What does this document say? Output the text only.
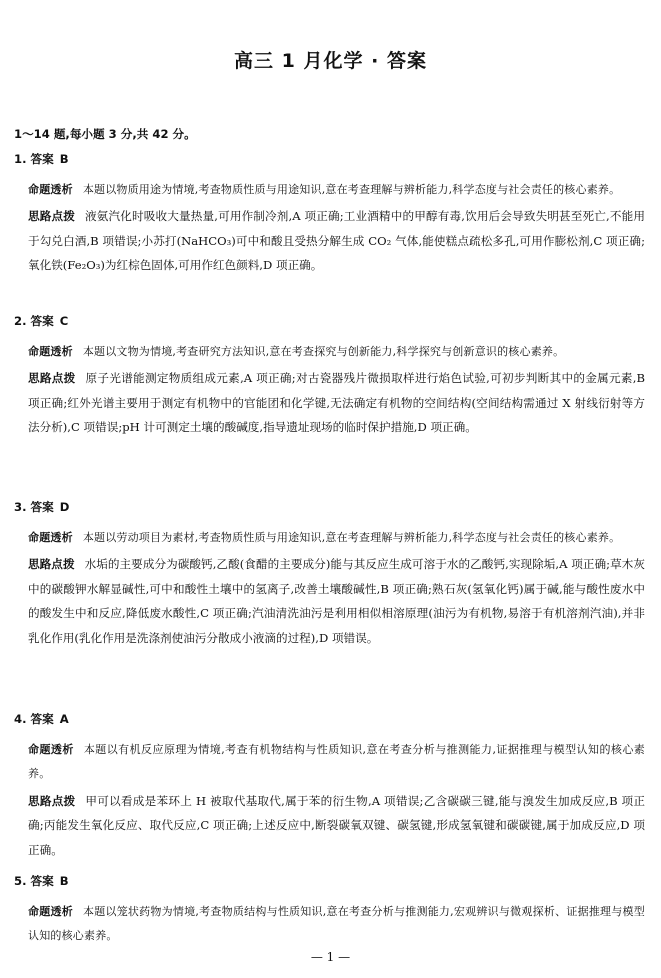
高三 1 月化学 · 答案
1～14 题,每小题 3 分,共 42 分。
1. 答案 B
命题透析 本题以物质用途为情境,考查物质性质与用途知识,意在考查理解与辨析能力,科学态度与社会责任的核心素养。
思路点拨 液氨汽化时吸收大量热量,可用作制冷剂,A 项正确;工业酒精中的甲醇有毒,饮用后会导致失明甚至死亡,不能用于勾兑白酒,B 项错误;小苏打(NaHCO₃)可中和酸且受热分解生成 CO₂ 气体,能使糕点疏松多孔,可用作膨松剂,C 项正确;氧化铁(Fe₂O₃)为红棕色固体,可用作红色颜料,D 项正确。
2. 答案 C
命题透析 本题以文物为情境,考查研究方法知识,意在考查探究与创新能力,科学探究与创新意识的核心素养。
思路点拨 原子光谱能测定物质组成元素,A 项正确;对古瓷器残片微损取样进行焰色试验,可初步判断其中的金属元素,B 项正确;红外光谱主要用于测定有机物中的官能团和化学键,无法确定有机物的空间结构(空间结构需通过 X 射线衍射等方法分析),C 项错误;pH 计可测定土壤的酸碱度,指导遗址现场的临时保护措施,D 项正确。
3. 答案 D
命题透析 本题以劳动项目为素材,考查物质性质与用途知识,意在考查理解与辨析能力,科学态度与社会责任的核心素养。
思路点拨 水垢的主要成分为碳酸钙,乙酸(食醋的主要成分)能与其反应生成可溶于水的乙酸钙,实现除垢,A 项正确;草木灰中的碳酸钾水解显碱性,可中和酸性土壤中的氢离子,改善土壤酸碱性,B 项正确;熟石灰(氢氧化钙)属于碱,能与酸性废水中的酸发生中和反应,降低废水酸性,C 项正确;汽油清洗油污是利用相似相溶原理(油污为有机物,易溶于有机溶剂汽油),并非乳化作用(乳化作用是洗涤剂使油污分散成小液滴的过程),D 项错误。
4. 答案 A
命题透析 本题以有机反应原理为情境,考查有机物结构与性质知识,意在考查分析与推测能力,证据推理与模型认知的核心素养。
思路点拨 甲可以看成是苯环上 H 被取代基取代,属于苯的衍生物,A 项错误;乙含碳碳三键,能与溴发生加成反应,B 项正确;丙能发生氧化反应、取代反应,C 项正确;上述反应中,断裂碳氧双键、碳氢键,形成氢氧键和碳碳键,属于加成反应,D 项正确。
5. 答案 B
命题透析 本题以笼状药物为情境,考查物质结构与性质知识,意在考查分析与推测能力,宏观辨识与微观探析、证据推理与模型认知的核心素养。
— 1 —
